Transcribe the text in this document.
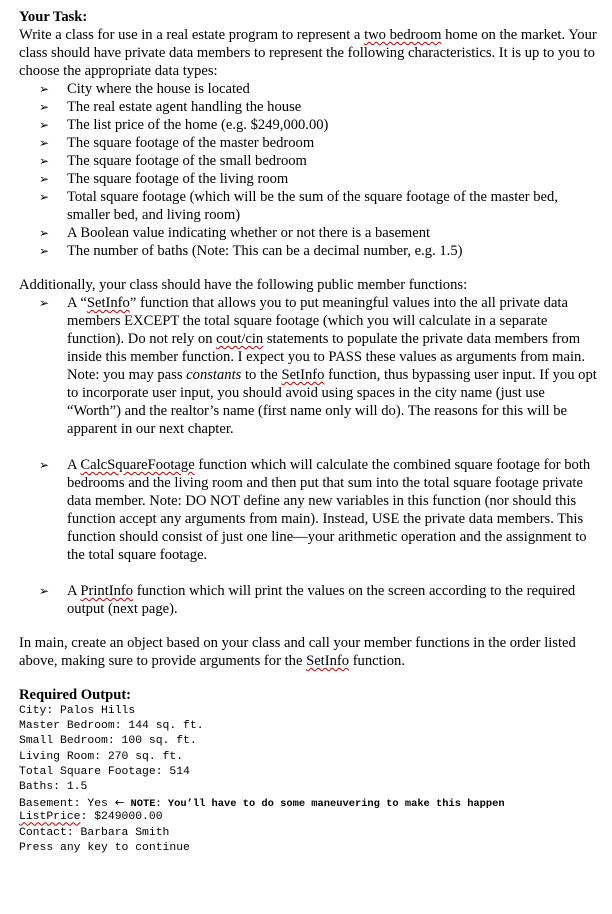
Your Task:

Write a class for use in a real estate program to represent a two bedroom home on the market. Your class should have private data members to represent the following characteristics. It is up to you to choose the appropriate data types:

➢	City where the house is located
➢	The real estate agent handling the house
➢	The list price of the home (e.g. $249,000.00)
➢	The square footage of the master bedroom
➢	The square footage of the small bedroom
➢	The square footage of the living room
➢	Total square footage (which will be the sum of the square footage of the master bed, smaller bed, and living room)
➢	A Boolean value indicating whether or not there is a basement
➢	The number of baths (Note: This can be a decimal number, e.g. 1.5)

Additionally, your class should have the following public member functions:

➢	A “SetInfo” function that allows you to put meaningful values into the all private data members EXCEPT the total square footage (which you will calculate in a separate function). Do not rely on cout/cin statements to populate the private data members from inside this member function. I expect you to PASS these values as arguments from main. Note: you may pass constants to the SetInfo function, thus bypassing user input. If you opt to incorporate user input, you should avoid using spaces in the city name (just use “Worth”) and the realtor’s name (first name only will do). The reasons for this will be apparent in our next chapter.
➢	A CalcSquareFootage function which will calculate the combined square footage for both bedrooms and the living room and then put that sum into the total square footage private data member. Note: DO NOT define any new variables in this function (nor should this function accept any arguments from main). Instead, USE the private data members. This function should consist of just one line—your arithmetic operation and the assignment to the total square footage.
➢	A PrintInfo function which will print the values on the screen according to the required output (next page).

In main, create an object based on your class and call your member functions in the order listed above, making sure to provide arguments for the SetInfo function.

Required Output:
City: Palos Hills
Master Bedroom: 144 sq. ft.
Small Bedroom: 100 sq. ft.
Living Room: 270 sq. ft.
Total Square Footage: 514
Baths: 1.5
Basement: Yes ← NOTE: You’ll have to do some maneuvering to make this happen
ListPrice: $249000.00
Contact: Barbara Smith
Press any key to continue
